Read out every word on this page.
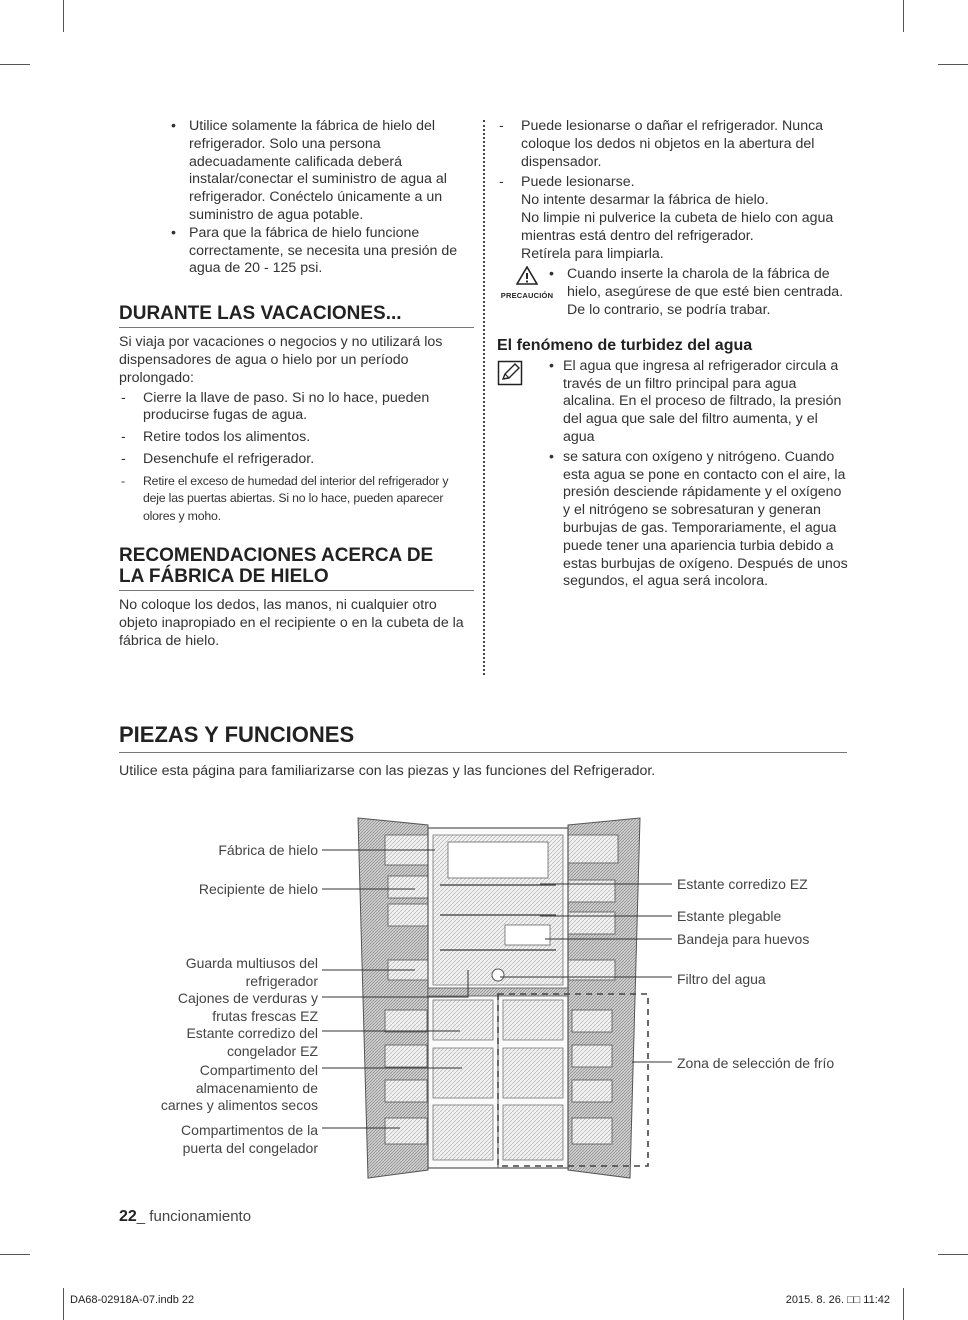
• Utilice solamente la fábrica de hielo del refrigerador. Solo una persona adecuadamente calificada deberá instalar/conectar el suministro de agua al refrigerador. Conéctelo únicamente a un suministro de agua potable.
• Para que la fábrica de hielo funcione correctamente, se necesita una presión de agua de 20 - 125 psi.
DURANTE LAS VACACIONES...

Si viaja por vacaciones o negocios y no utilizará los dispensadores de agua o hielo por un período prolongado:

- Cierre la llave de paso. Si no lo hace, pueden producirse fugas de agua.
- Retire todos los alimentos.
- Desenchufe el refrigerador.
- Retire el exceso de humedad del interior del refrigerador y deje las puertas abiertas. Si no lo hace, pueden aparecer olores y moho.
RECOMENDACIONES ACERCA DE
LA FÁBRICA DE HIELO

No coloque los dedos, las manos, ni cualquier otro objeto inapropiado en el recipiente o en la cubeta de la fábrica de hielo.

- Puede lesionarse o dañar el refrigerador. Nunca coloque los dedos ni objetos en la abertura del dispensador.
- Puede lesionarse.
No intente desarmar la fábrica de hielo.
No limpie ni pulverice la cubeta de hielo con agua mientras está dentro del refrigerador.
Retírela para limpiarla.
PRECAUCIÓN
• Cuando inserte la charola de la fábrica de hielo, asegúrese de que esté bien centrada.

De lo contrario, se podría trabar.

El fenómeno de turbidez del agua
• El agua que ingresa al refrigerador circula a través de un filtro principal para agua alcalina. En el proceso de filtrado, la presión del agua que sale del filtro aumenta, y el agua
• se satura con oxígeno y nitrógeno. Cuando esta agua se pone en contacto con el aire, la presión desciende rápidamente y el oxígeno y el nitrógeno se sobresaturan y generan burbujas de gas. Temporariamente, el agua puede tener una apariencia turbia debido a estas burbujas de oxígeno. Después de unos segundos, el agua será incolora.
PIEZAS Y FUNCIONES
Utilice esta página para familiarizarse con las piezas y las funciones del Refrigerador.
Fábrica de hielo
Recipiente de hielo
Guarda multiusos del
refrigerador
Cajones de verduras y
frutas frescas EZ
Estante corredizo del
congelador EZ
Compartimento del
almacenamiento de
carnes y alimentos secos
Compartimentos de la
puerta del congelador
Estante corredizo EZ
Estante plegable
Bandeja para huevos
Filtro del agua
Zona de selección de frío
22_ funcionamiento
DA68-02918A-07.indb 22	2015. 8. 26. □□ 11:42
